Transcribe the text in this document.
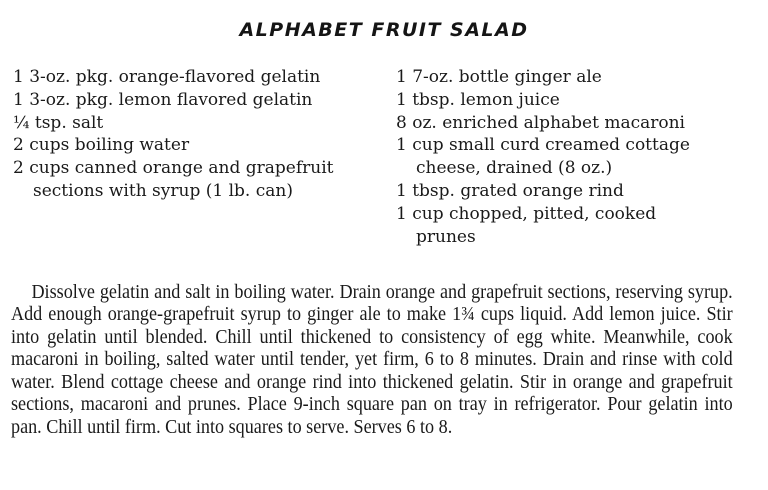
ALPHABET FRUIT SALAD
1 3-oz. pkg. orange-flavored gelatin
1 3-oz. pkg. lemon flavored gelatin
¼ tsp. salt
2 cups boiling water
2 cups canned orange and grapefruit
sections with syrup (1 lb. can)
1 7-oz. bottle ginger ale
1 tbsp. lemon juice
8 oz. enriched alphabet macaroni
1 cup small curd creamed cottage
cheese, drained (8 oz.)
1 tbsp. grated orange rind
1 cup chopped, pitted, cooked
prunes

Dissolve gelatin and salt in boiling water. Drain orange and grapefruit sections, reserving syrup. Add enough orange-grapefruit syrup to ginger ale to make 1¾ cups liquid. Add lemon juice. Stir into gelatin until blended. Chill until thickened to consistency of egg white. Meanwhile, cook macaroni in boiling, salted water until tender, yet firm, 6 to 8 minutes. Drain and rinse with cold water. Blend cottage cheese and orange rind into thickened gelatin. Stir in orange and grapefruit sections, macaroni and prunes. Place 9-inch square pan on tray in refrigerator. Pour gelatin into pan. Chill until firm. Cut into squares to serve. Serves 6 to 8.
